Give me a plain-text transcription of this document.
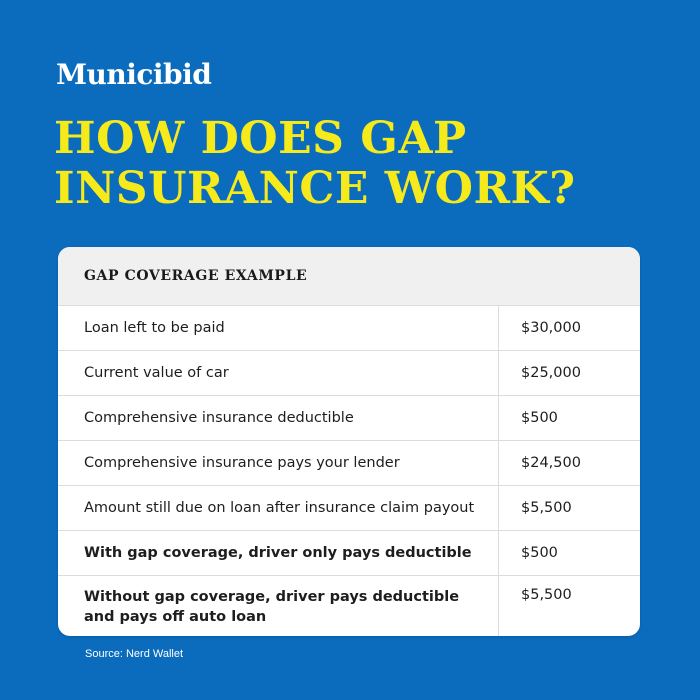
Municibid
HOW DOES GAP
INSURANCE WORK?
GAP COVERAGE EXAMPLE
Loan left to be paid	$30,000
Current value of car	$25,000
Comprehensive insurance deductible	$500
Comprehensive insurance pays your lender	$24,500
Amount still due on loan after insurance claim payout	$5,500
With gap coverage, driver only pays deductible	$500
Without gap coverage, driver pays deductible and pays off auto loan	$5,500
Source: Nerd Wallet
